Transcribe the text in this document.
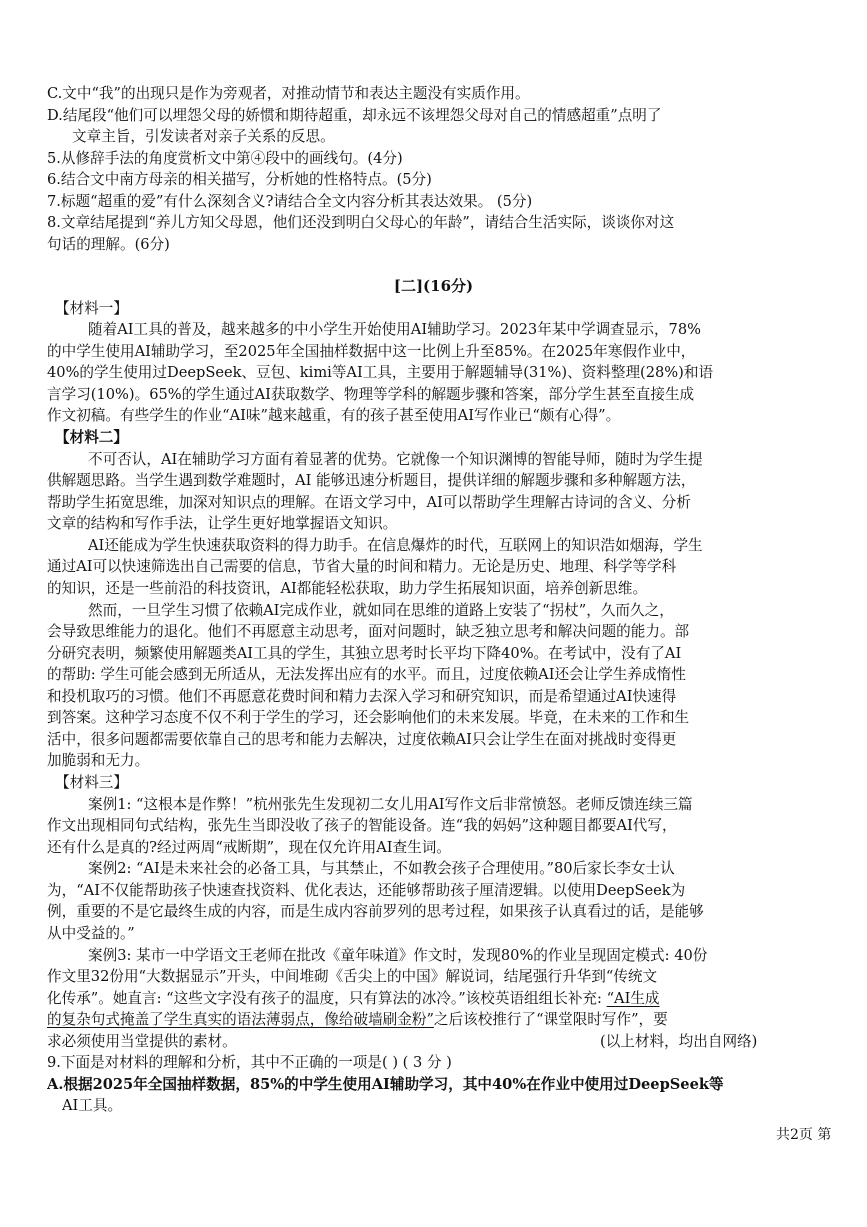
C.文中“我”的出现只是作为旁观者，对推动情节和表达主题没有实质作用。
D.结尾段“他们可以埋怨父母的娇惯和期待超重，却永远不该埋怨父母对自己的情感超重”点明了
文章主旨，引发读者对亲子关系的反思。
5.从修辞手法的角度赏析文中第④段中的画线句。(4分)
6.结合文中南方母亲的相关描写，分析她的性格特点。(5分)
7.标题“超重的爱”有什么深刻含义?请结合全文内容分析其表达效果。 (5分)
8.文章结尾提到“养儿方知父母恩，他们还没到明白父母心的年龄”，请结合生活实际，谈谈你对这
句话的理解。(6分)
[二](16分)
【材料一】
随着AI工具的普及，越来越多的中小学生开始使用AI辅助学习。2023年某中学调查显示，78%
的中学生使用AI辅助学习，至2025年全国抽样数据中这一比例上升至85%。在2025年寒假作业中，
40%的学生使用过DeepSeek、豆包、kimi等AI工具，主要用于解题辅导(31%)、资料整理(28%)和语
言学习(10%)。65%的学生通过AI获取数学、物理等学科的解题步骤和答案，部分学生甚至直接生成
作文初稿。有些学生的作业“AI味”越来越重，有的孩子甚至使用AI写作业已“颇有心得”。
【材料二】
不可否认，AI在辅助学习方面有着显著的优势。它就像一个知识渊博的智能导师，随时为学生提
供解题思路。当学生遇到数学难题时，AI 能够迅速分析题目，提供详细的解题步骤和多种解题方法，
帮助学生拓宽思维，加深对知识点的理解。在语文学习中，AI可以帮助学生理解古诗词的含义、分析
文章的结构和写作手法，让学生更好地掌握语文知识。
AI还能成为学生快速获取资料的得力助手。在信息爆炸的时代，互联网上的知识浩如烟海，学生
通过AI可以快速筛选出自己需要的信息，节省大量的时间和精力。无论是历史、地理、科学等学科
的知识，还是一些前沿的科技资讯，AI都能轻松获取，助力学生拓展知识面，培养创新思维。
然而，一旦学生习惯了依赖AI完成作业，就如同在思维的道路上安装了“拐杖”，久而久之，
会导致思维能力的退化。他们不再愿意主动思考，面对问题时，缺乏独立思考和解决问题的能力。部
分研究表明，频繁使用解题类AI工具的学生，其独立思考时长平均下降40%。在考试中，没有了AI
的帮助: 学生可能会感到无所适从，无法发挥出应有的水平。而且，过度依赖AI还会让学生养成惰性
和投机取巧的习惯。他们不再愿意花费时间和精力去深入学习和研究知识，而是希望通过AI快速得
到答案。这种学习态度不仅不利于学生的学习，还会影响他们的未来发展。毕竟，在未来的工作和生
活中，很多问题都需要依靠自己的思考和能力去解决，过度依赖AI只会让学生在面对挑战时变得更
加脆弱和无力。
【材料三】
案例1: “这根本是作弊！”杭州张先生发现初二女儿用AI写作文后非常愤怒。老师反馈连续三篇
作文出现相同句式结构，张先生当即没收了孩子的智能设备。连“我的妈妈”这种题目都要AI代写，
还有什么是真的?经过两周“戒断期”，现在仅允许用AI查生词。
案例2: “AI是未来社会的必备工具，与其禁止，不如教会孩子合理使用。”80后家长李女士认
为，“AI不仅能帮助孩子快速查找资料、优化表达，还能够帮助孩子厘清逻辑。以使用DeepSeek为
例，重要的不是它最终生成的内容，而是生成内容前罗列的思考过程，如果孩子认真看过的话，是能够
从中受益的。”
案例3: 某市一中学语文王老师在批改《童年味道》作文时，发现80%的作业呈现固定模式: 40份
作文里32份用“大数据显示”开头，中间堆砌《舌尖上的中国》解说词，结尾强行升华到“传统文
化传承”。她直言: “这些文字没有孩子的温度，只有算法的冰冷。”该校英语组组长补充: “AI生成
的复杂句式掩盖了学生真实的语法薄弱点，像给破墙刷金粉”之后该校推行了“课堂限时写作”，要
求必须使用当堂提供的素材。	(以上材料，均出自网络)
9.下面是对材料的理解和分析，其中不正确的一项是( ) ( 3 分 )
A.根据2025年全国抽样数据，85%的中学生使用AI辅助学习，其中40%在作业中使用过DeepSeek等
AI工具。
共2页 第
